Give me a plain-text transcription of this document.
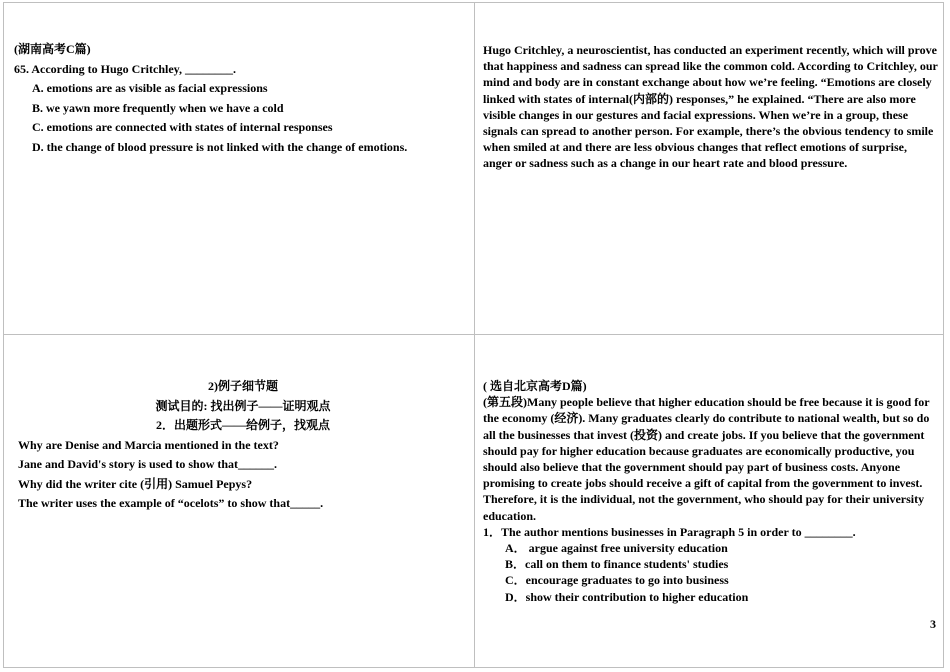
(湖南高考C篇)
65. According to Hugo Critchley, ________.
A. emotions are as visible as facial expressions
B. we yawn more frequently when we have a cold
C. emotions are connected with states of internal responses
D. the change of blood pressure is not linked with the change of emotions.
Hugo Critchley, a neuroscientist, has conducted an experiment recently, which will prove that happiness and sadness can spread like the common cold. According to Critchley, our mind and body are in constant exchange about how we’re feeling. “Emotions are closely linked with states of internal(内部的) responses,” he explained. “There are also more visible changes in our gestures and facial expressions. When we’re in a group, these signals can spread to another person. For example, there’s the obvious tendency to smile when smiled at and there are less obvious changes that reflect emotions of surprise, anger or sadness such as a change in our heart rate and blood pressure.
2)例子细节题
测试目的: 找出例子——证明观点
2．出题形式——给例子，找观点
Why are Denise and Marcia mentioned in the text?
Jane and David's story is used to show that______.
Why did the writer cite (引用) Samuel Pepys?
The writer uses the example of “ocelots” to show that_____.
( 选自北京高考D篇)
(第五段)Many people believe that higher education should be free because it is good for the economy (经济). Many graduates clearly do contribute to national wealth, but so do all the businesses that invest (投资) and create jobs. If you believe that the government should pay for higher education because graduates are economically productive, you should also believe that the government should pay part of business costs. Anyone promising to create jobs should receive a gift of capital from the government to invest. Therefore, it is the individual, not the government, who should pay for their university education.
1．The author mentions businesses in Paragraph 5 in order to ________.
A． argue against free university education
B．call on them to finance students' studies
C．encourage graduates to go into business
D．show their contribution to higher education
3
